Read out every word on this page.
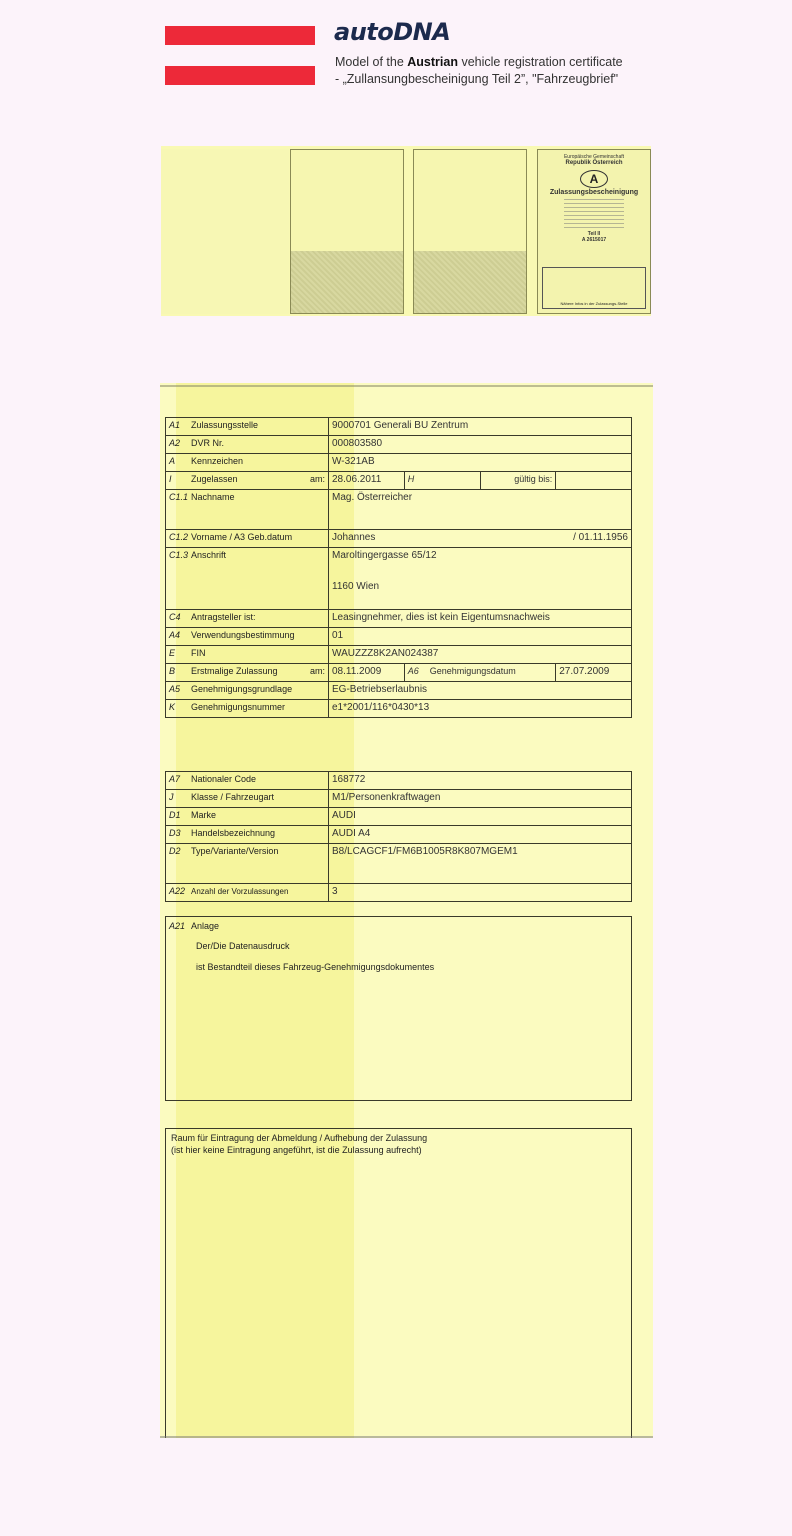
autoDNA
Model of the Austrian vehicle registration certificate
- „Zullansungbescheinigung Teil 2”, "Fahrzeugbrief"
Europäische Gemeinschaft
Republik Österreich
A
Zulassungsbescheinigung
Teil II
A 2615017
Nähere Infos in der Zulassungs-Stelle
A1 Zulassungsstelle	9000701 Generali BU Zentrum			
A2 DVR Nr.	000803580			
A Kennzeichen	W-321AB			
I Zugelassen am:	28.06.2011	H	gültig bis:	
C1.1 Nachname	Mag. Österreicher			
C1.2 Vorname / A3 Geb.datum	Johannes / 01.11.1956			

C1.3 Anschrift	Maroltingergasse 65/12
1160 Wien			

C4 Antragsteller ist:	Leasingnehmer, dies ist kein Eigentumsnachweis			
A4 Verwendungsbestimmung	01			
E FIN	WAUZZZ8K2AN024387			
B Erstmalige Zulassung am:	08.11.2009	A6 Genehmigungsdatum		27.07.2009
A5 Genehmigungsgrundlage	EG-Betriebserlaubnis			
K Genehmigungsnummer	e1*2001/116*0430*13			
A7 Nationaler Code	168772
J Klasse / Fahrzeugart	M1/Personenkraftwagen
D1 Marke	AUDI
D3 Handelsbezeichnung	AUDI A4
D2 Type/Variante/Version	B8/LCAGCF1/FM6B1005R8K807MGEM1
A22 Anzahl der Vorzulassungen	3
A21 Anlage
Der/Die Datenausdruck
ist Bestandteil dieses Fahrzeug-Genehmigungsdokumentes
Raum für Eintragung der Abmeldung / Aufhebung der Zulassung
(ist hier keine Eintragung angeführt, ist die Zulassung aufrecht)
